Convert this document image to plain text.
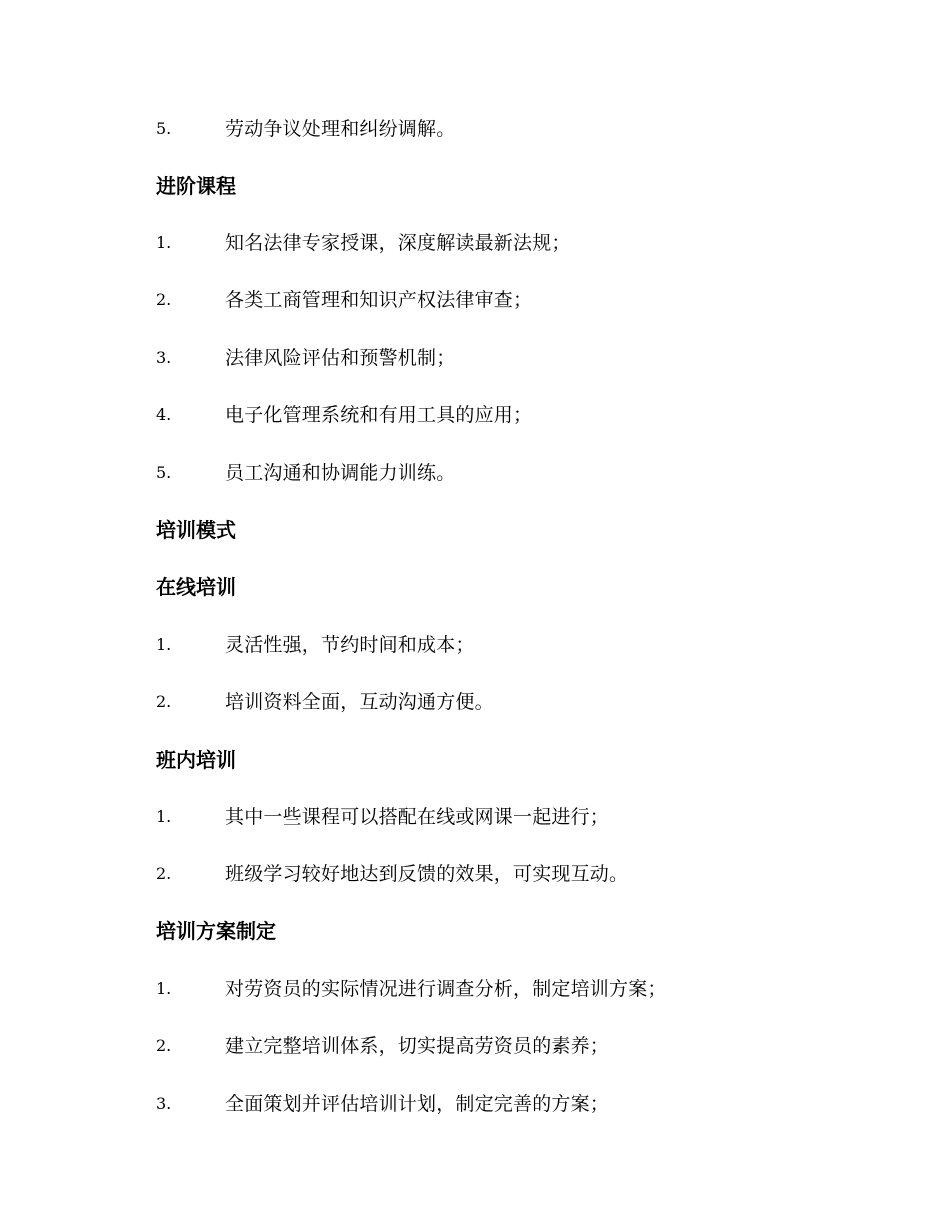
5.	劳动争议处理和纠纷调解。
进阶课程
1.	知名法律专家授课，深度解读最新法规；
2.	各类工商管理和知识产权法律审查；
3.	法律风险评估和预警机制；
4.	电子化管理系统和有用工具的应用；
5.	员工沟通和协调能力训练。
培训模式
在线培训
1.	灵活性强，节约时间和成本；
2.	培训资料全面，互动沟通方便。
班内培训
1.	其中一些课程可以搭配在线或网课一起进行；
2.	班级学习较好地达到反馈的效果，可实现互动。
培训方案制定
1.	对劳资员的实际情况进行调查分析，制定培训方案；
2.	建立完整培训体系，切实提高劳资员的素养；
3.	全面策划并评估培训计划，制定完善的方案；
